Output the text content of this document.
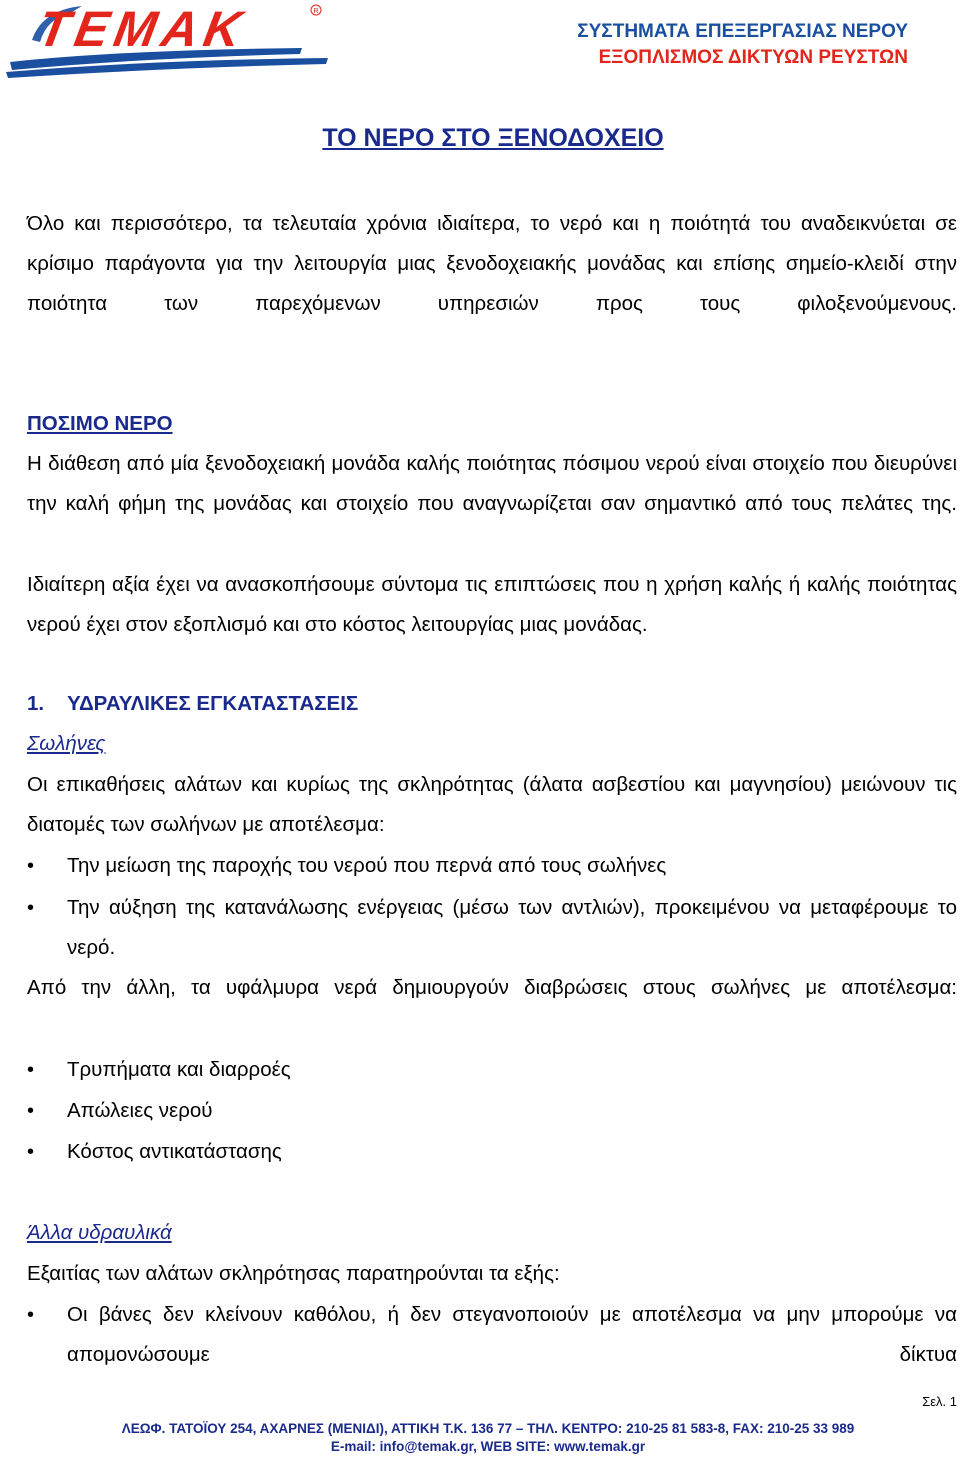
ΤΕΜΑΚ	R
ΣΥΣΤΗΜΑΤΑ ΕΠΕΞΕΡΓΑΣΙΑΣ ΝΕΡΟΥ
ΕΞΟΠΛΙΣΜΟΣ ΔΙΚΤΥΩΝ ΡΕΥΣΤΩΝ
ΤΟ ΝΕΡΟ ΣΤΟ ΞΕΝΟΔΟΧΕΙΟ
Όλο και περισσότερο, τα τελευταία χρόνια ιδιαίτερα, το νερό και η ποιότητά του αναδεικνύεται σε κρίσιμο παράγοντα για την λειτουργία μιας ξενοδοχειακής μονάδας και επίσης σημείο-κλειδί στην ποιότητα των παρεχόμενων υπηρεσιών προς τους φιλοξενούμενους.
ΠΟΣΙΜΟ ΝΕΡΟ
Η διάθεση από μία ξενοδοχειακή μονάδα καλής ποιότητας πόσιμου νερού είναι στοιχείο που διευρύνει την καλή φήμη της μονάδας και στοιχείο που αναγνωρίζεται σαν σημαντικό από τους πελάτες της.
Ιδιαίτερη αξία έχει να ανασκοπήσουμε σύντομα τις επιπτώσεις που η χρήση καλής ή καλής ποιότητας νερού έχει στον εξοπλισμό και στο κόστος λειτουργίας μιας μονάδας.
1. ΥΔΡΑΥΛΙΚΕΣ ΕΓΚΑΤΑΣΤΑΣΕΙΣ
Σωλήνες
Οι επικαθήσεις αλάτων και κυρίως της σκληρότητας (άλατα ασβεστίου και μαγνησίου) μειώνουν τις διατομές των σωλήνων με αποτέλεσμα:
• Την μείωση της παροχής του νερού που περνά από τους σωλήνες
• Την αύξηση της κατανάλωσης ενέργειας (μέσω των αντλιών), προκειμένου να μεταφέρουμε το νερό.
Από την άλλη, τα υφάλμυρα νερά δημιουργούν διαβρώσεις στους σωλήνες με αποτέλεσμα:
• Τρυπήματα και διαρροές
• Απώλειες νερού
• Κόστος αντικατάστασης
Άλλα υδραυλικά
Εξαιτίας των αλάτων σκληρότησας παρατηρούνται τα εξής:
• Οι βάνες δεν κλείνουν καθόλου, ή δεν στεγανοποιούν με αποτέλεσμα να μην μπορούμε να απομονώσουμε δίκτυα
Σελ. 1
ΛΕΩΦ. ΤΑΤΟΪΟΥ 254, ΑΧΑΡΝΕΣ (ΜΕΝΙΔΙ), ΑΤΤΙΚΗ Τ.Κ. 136 77 – ΤΗΛ. ΚΕΝΤΡΟ: 210-25 81 583-8, FAX: 210-25 33 989
E-mail: info@temak.gr, WEB SITE: www.temak.gr
